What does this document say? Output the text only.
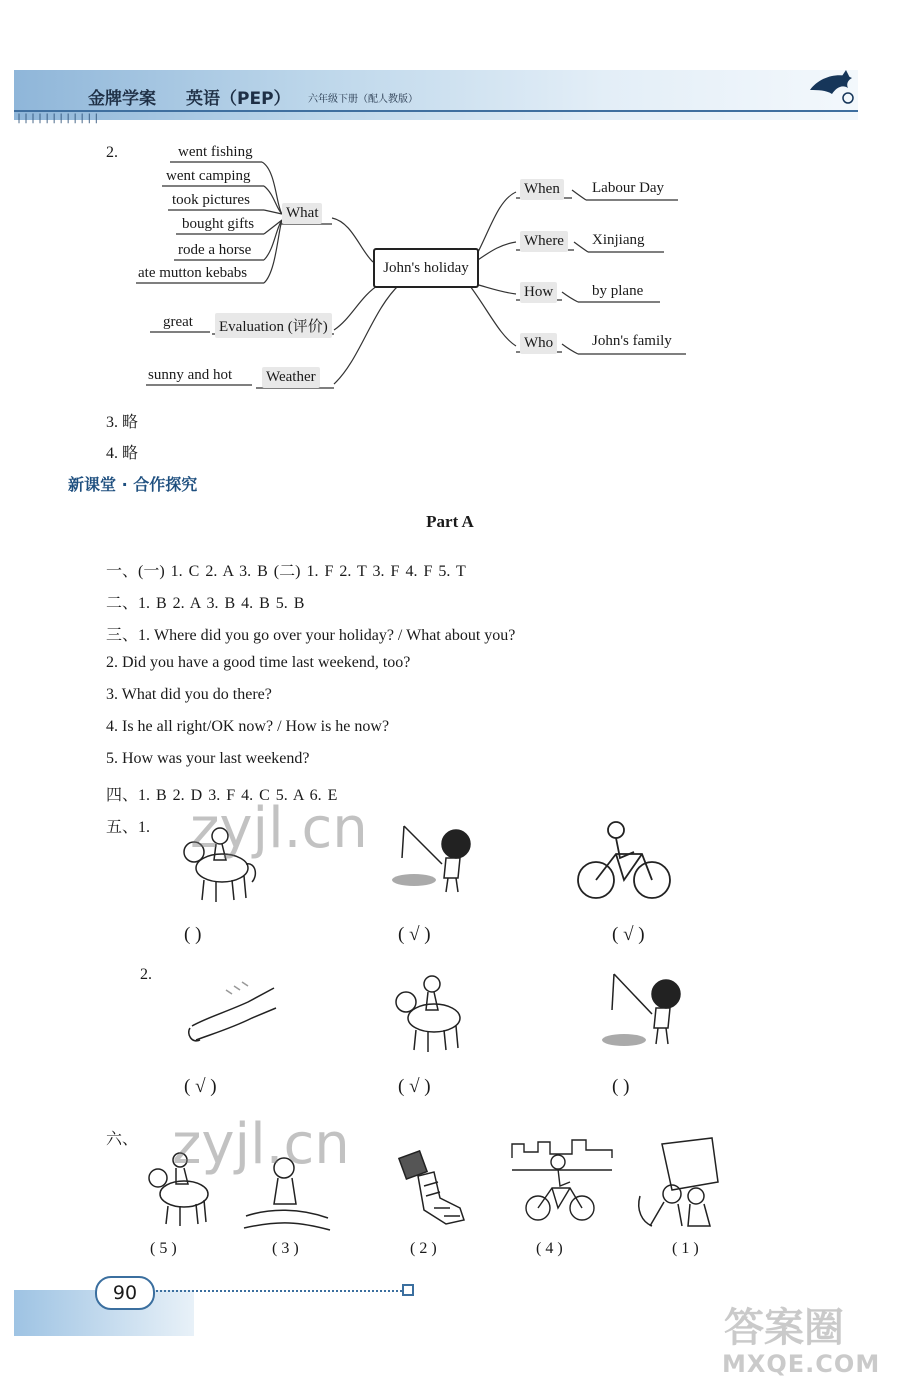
||||||||||||
金牌学案 英语（PEP） 六年级下册（配人教版）
2.	went fishing
went camping
took pictures
bought gifts
rode a horse
ate mutton kebabs
What
great Evaluation (评价)
sunny and hot Weather
John's holiday
When Labour Day
Where Xinjiang
How	by plane
Who	John's family
3. 略
4. 略
新课堂 · 合作探究
Part A
一、(一) 1. C 2. A 3. B (二) 1. F 2. T 3. F 4. F 5. T
二、1. B 2. A 3. B 4. B 5. B
三、1. Where did you go over your holiday? / What about you?
2. Did you have a good time last weekend, too?
3. What did you do there?
4. Is he all right/OK now? / How is he now?
5. How was your last weekend?
四、1. B 2. D 3. F 4. C 5. A 6. E
五、1.
( )	( √ )	( √ )
2.
( √ )	( √ )	( )
六、
( 5 )	( 3 )	( 2 )	( 4 )	( 1 )
zyjl.cn
zyjl.cn
答案圈
MXQE.COM
90
